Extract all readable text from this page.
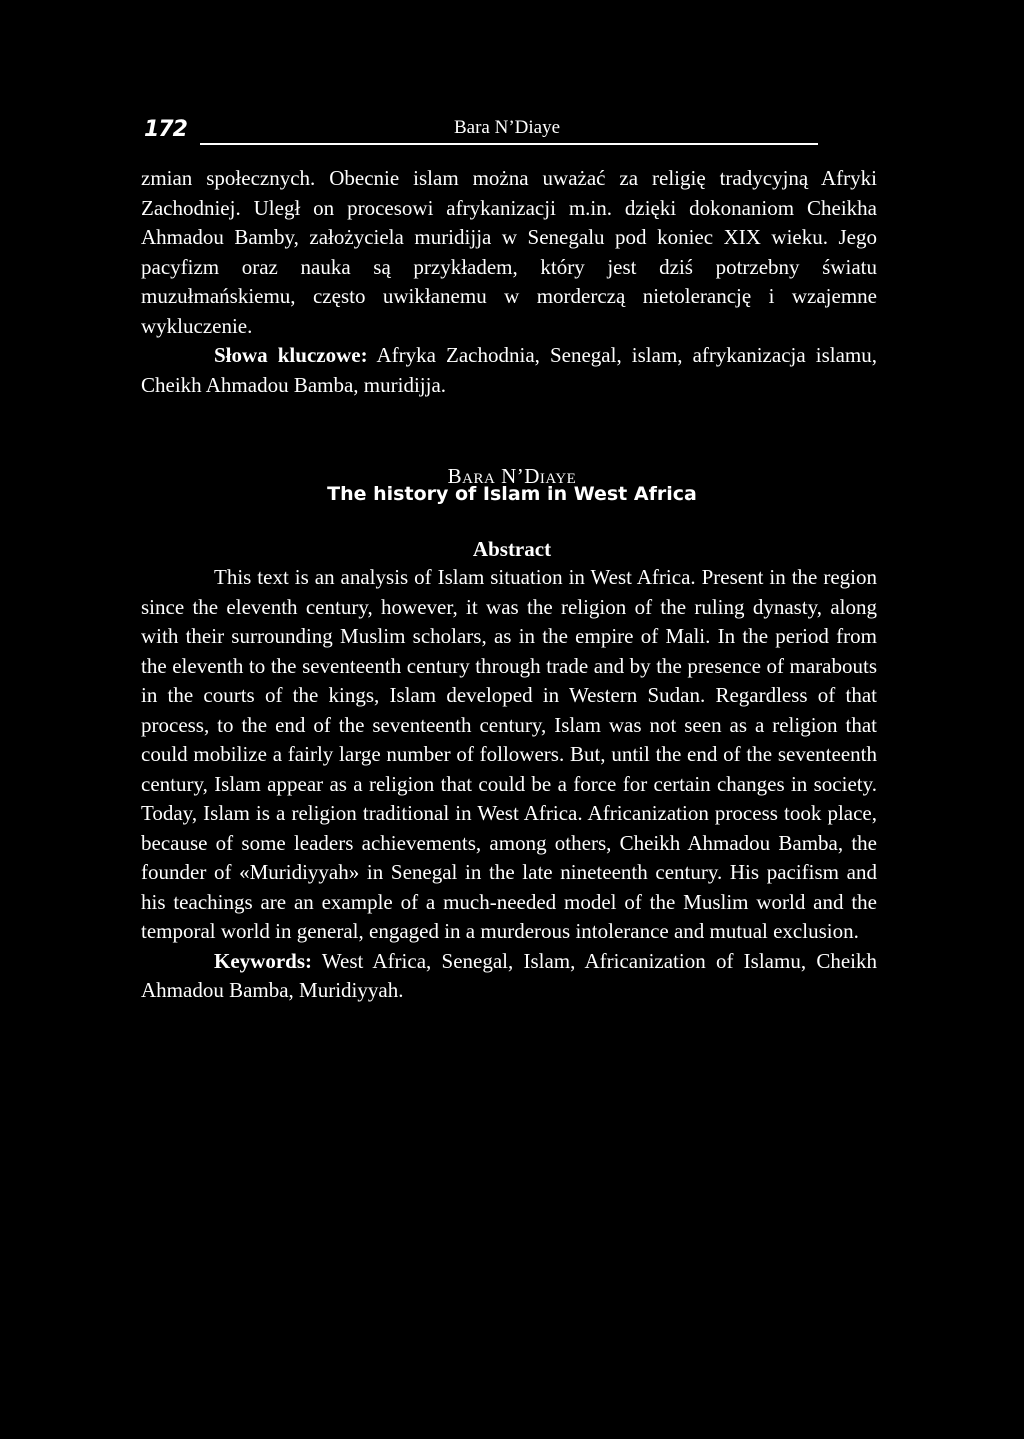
172	Bara N’Diaye

zmian społecznych. Obecnie islam można uważać za religię tradycyjną Afryki Zachodniej. Uległ on procesowi afrykanizacji m.in. dzięki dokonaniom Cheikha Ahmadou Bamby, założyciela muridijja w Senegalu pod koniec XIX wieku. Jego pacyfizm oraz nauka są przykładem, który jest dziś potrzebny światu muzułmańskiemu, często uwikłanemu w morderczą nietolerancję i wzajemne wykluczenie.

Słowa kluczowe: Afryka Zachodnia, Senegal, islam, afrykanizacja islamu, Cheikh Ahmadou Bamba, muridijja.

Bara N’Diaye
The history of Islam in West Africa
Abstract

This text is an analysis of Islam situation in West Africa. Present in the region since the eleventh century, however, it was the religion of the ruling dynasty, along with their surrounding Muslim scholars, as in the empire of Mali. In the period from the eleventh to the seventeenth century through trade and by the presence of marabouts in the courts of the kings, Islam developed in Western Sudan. Regardless of that process, to the end of the seventeenth century, Islam was not seen as a religion that could mobilize a fairly large number of followers. But, until the end of the seventeenth century, Islam appear as a religion that could be a force for certain changes in society. Today, Islam is a religion traditional in West Africa. Africanization process took place, because of some leaders achievements, among others, Cheikh Ahmadou Bamba, the founder of «Muridiyyah» in Senegal in the late nineteenth century. His pacifism and his teachings are an example of a much-needed model of the Muslim world and the temporal world in general, engaged in a murderous intolerance and mutual exclusion.

Keywords: West Africa, Senegal, Islam, Africanization of Islamu, Cheikh Ahmadou Bamba, Muridiyyah.
